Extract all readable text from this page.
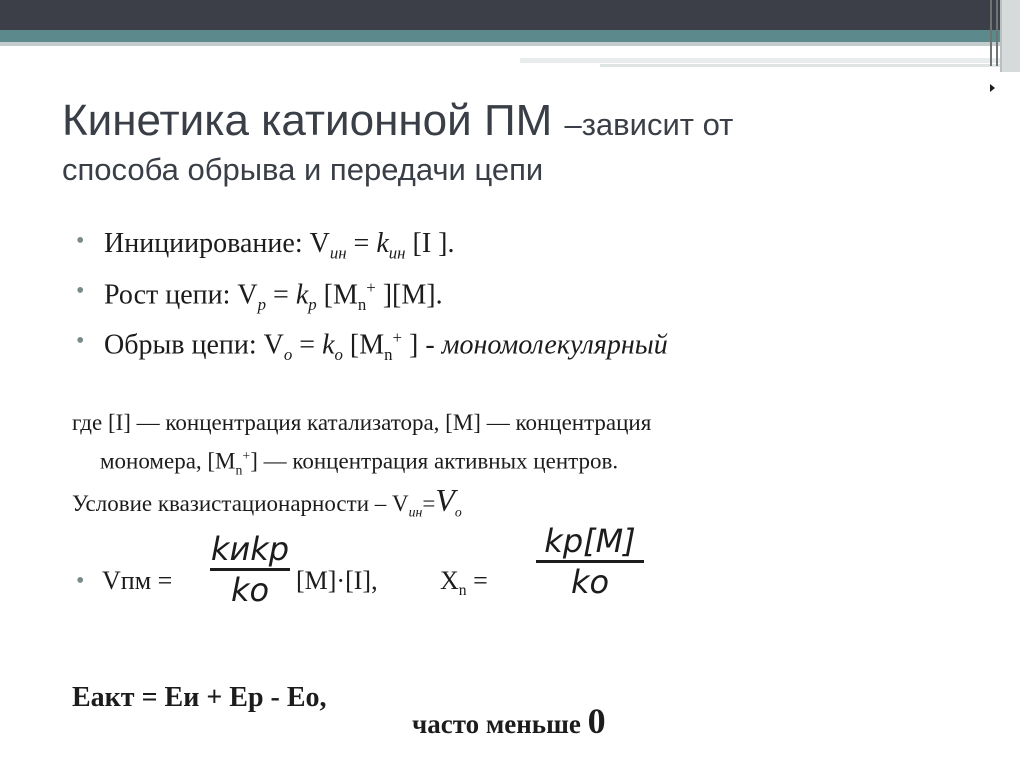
Кинетика катионной ПМ –зависит от
способа обрыва и передачи цепи
• Инициирование: $V_{ин} = k_{ин}$ [I ].
• Рост цепи: $V_p = k_p$ [$M_n^+$ ][M].
• Обрыв цепи: $V_o = k_o$ [$M_n^+$ ] - мономолекулярный
где [I] — концентрация катализатора, [M] — концентрация
мономера, $[M_n^+]$ — концентрация активных центров.
Условие квазистационарности – $V_{ин}=V_o$
• Vпм =
kиkр
ko	[M]·[I], $X_n$ =
kр[M]
ko
Eакт = Eи + Eр - Eо,
часто меньше 0
